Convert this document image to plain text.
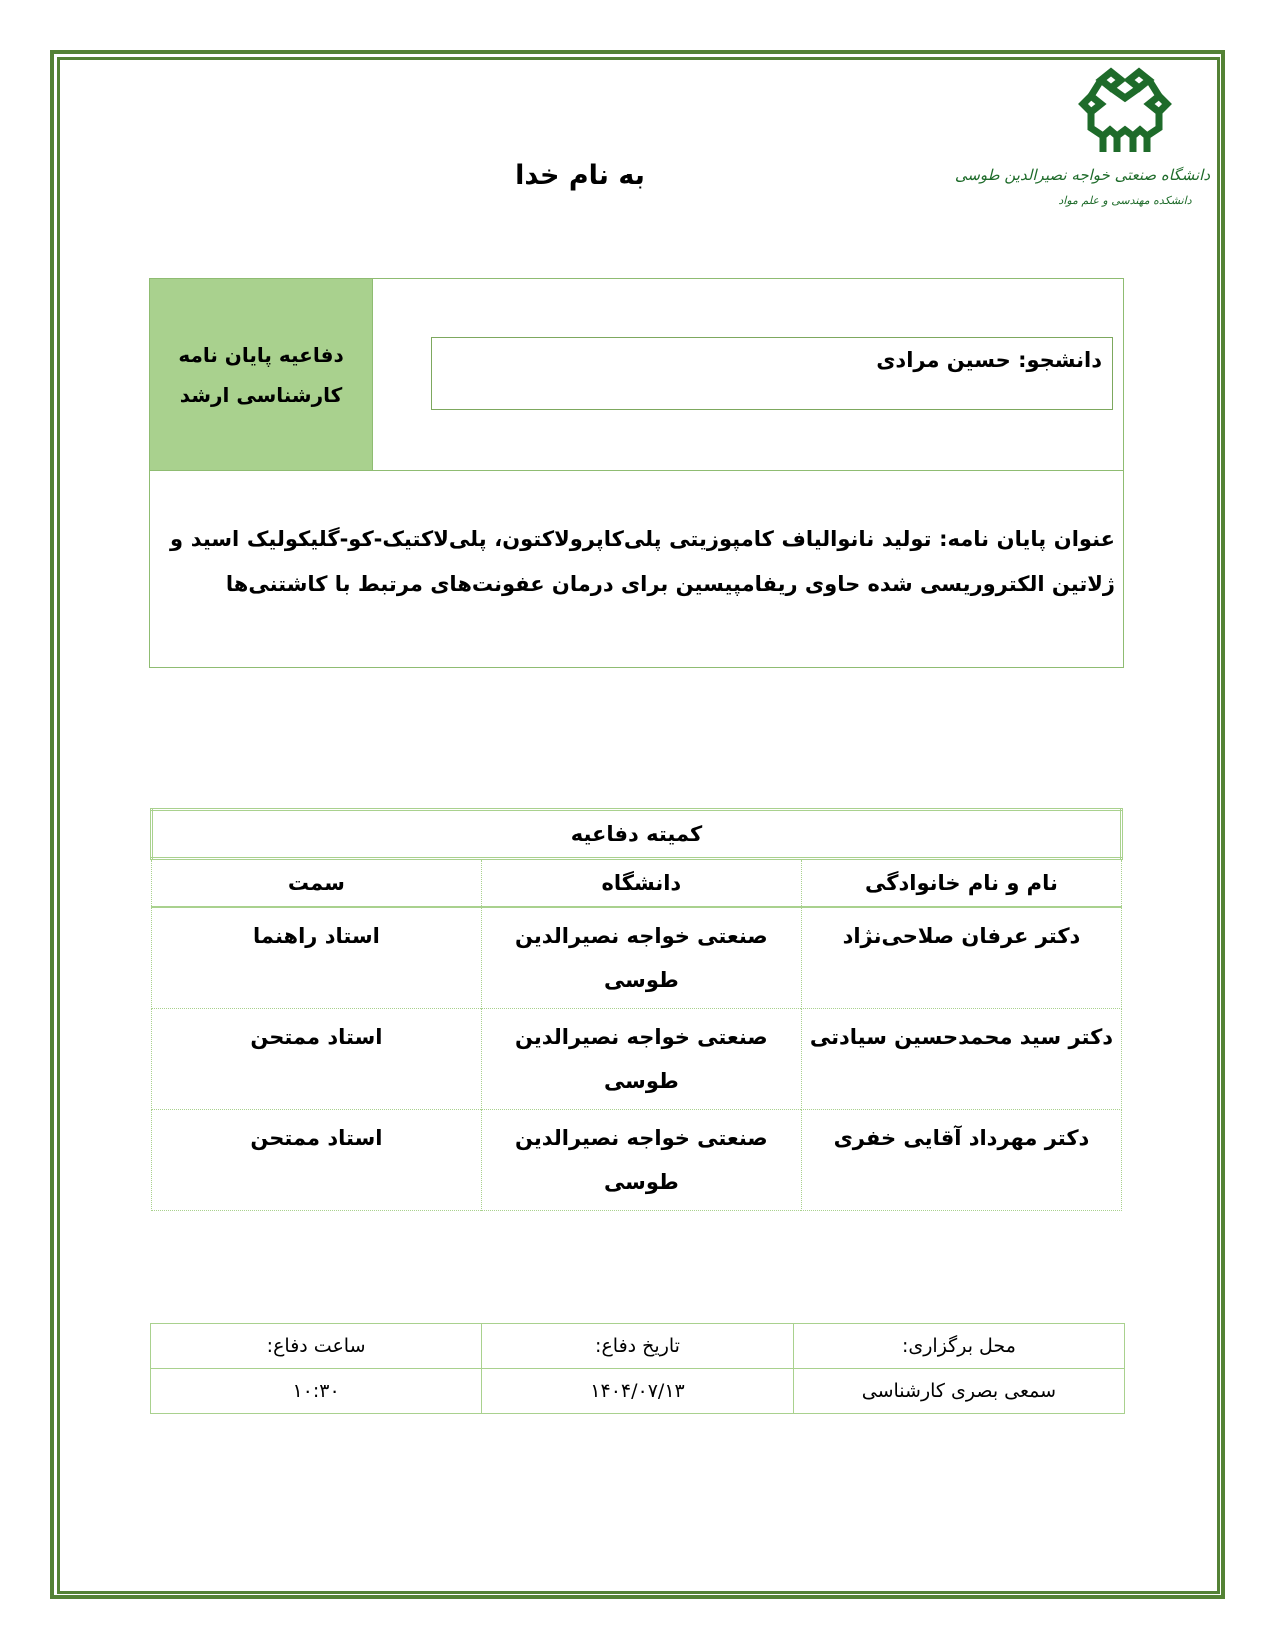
دانشگاه صنعتی خواجه نصیرالدین طوسی
دانشکده مهندسی و علم مواد
به نام خدا
دفاعیه پایان نامه
کارشناسی ارشد
دانشجو: حسین مرادی
عنوان پایان نامه: تولید نانوالیاف کامپوزیتی پلی‌کاپرولاکتون، پلی‌لاکتیک-کو-گلیکولیک اسید و ژلاتین الکتروریسی شده حاوی ریفامپیسین برای درمان عفونت‌های مرتبط با کاشتنی‌ها
کمیته دفاعیه		
نام و نام خانوادگی	دانشگاه	سمت
دکتر عرفان صلاحی‌نژاد	صنعتی خواجه نصیرالدین طوسی	استاد راهنما
دکتر سید محمدحسین سیادتی	صنعتی خواجه نصیرالدین طوسی	استاد ممتحن
دکتر مهرداد آقایی خفری	صنعتی خواجه نصیرالدین طوسی	استاد ممتحن
محل برگزاری:	تاریخ دفاع:	ساعت دفاع:
سمعی بصری کارشناسی	۱۴۰۴/۰۷/۱۳	۱۰:۳۰
